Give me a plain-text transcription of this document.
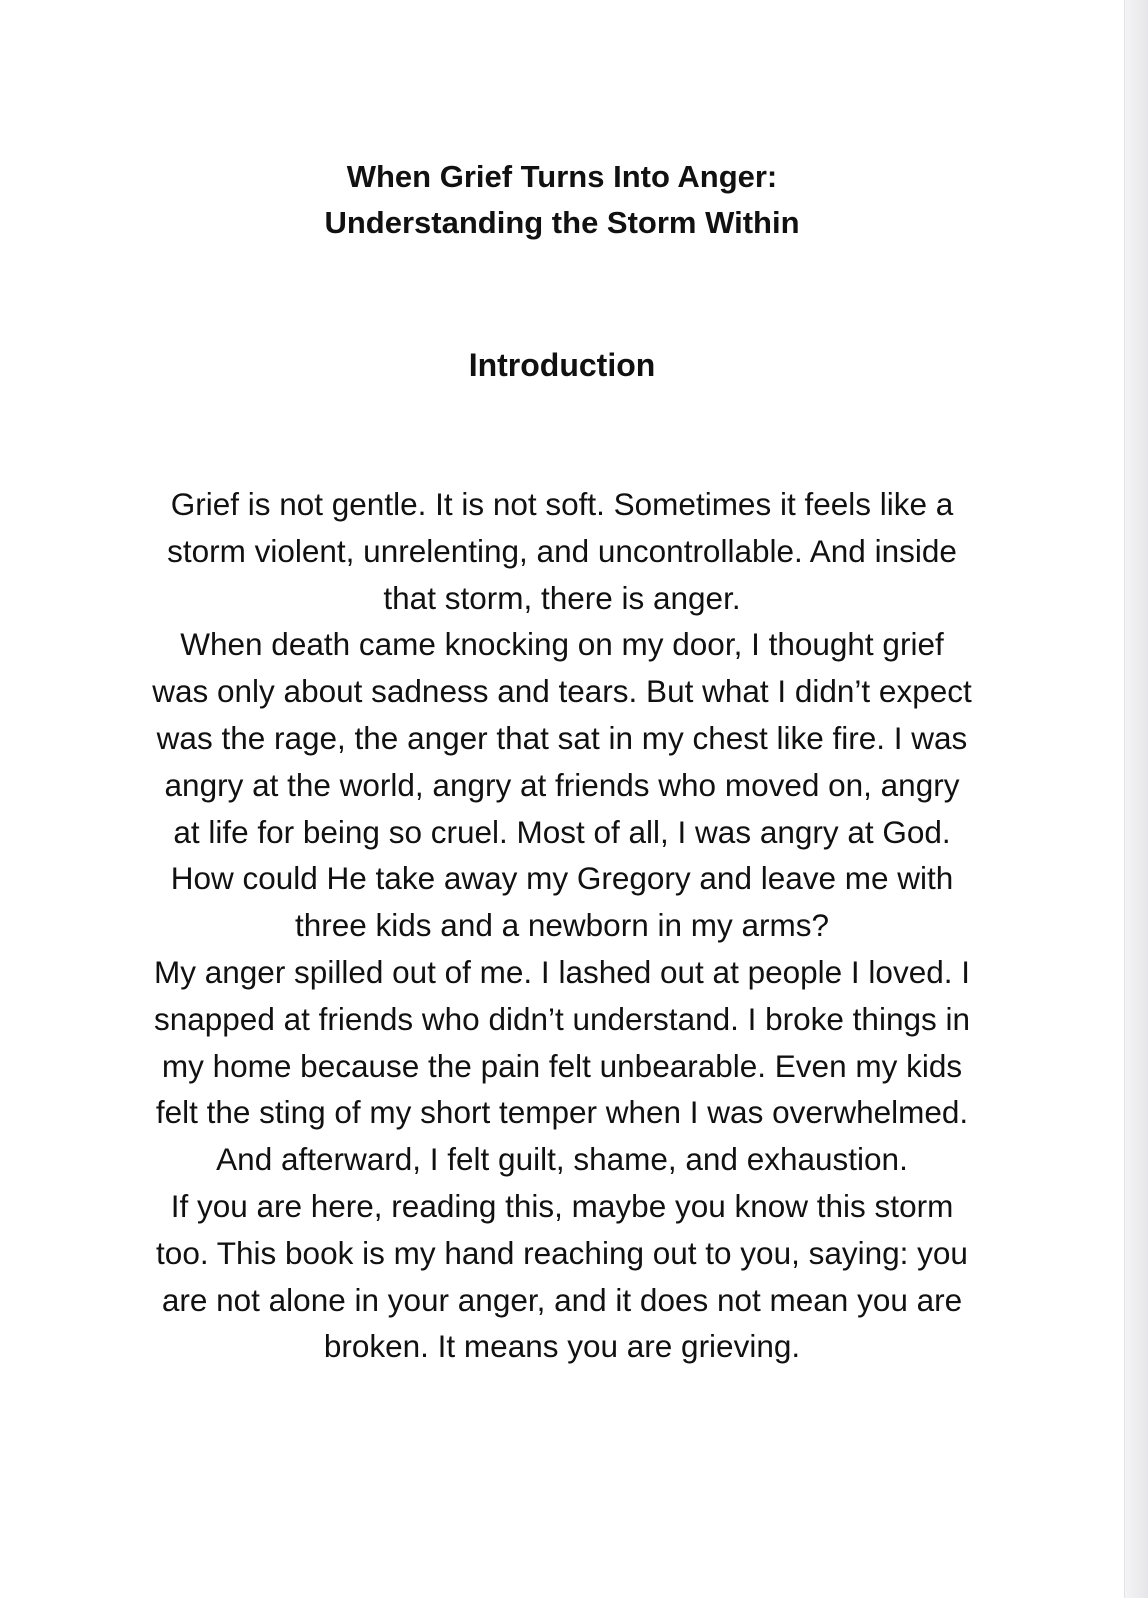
When Grief Turns Into Anger:
Understanding the Storm Within
Introduction

Grief is not gentle. It is not soft. Sometimes it feels like a
storm violent, unrelenting, and uncontrollable. And inside
that storm, there is anger.
When death came knocking on my door, I thought grief
was only about sadness and tears. But what I didn’t expect
was the rage, the anger that sat in my chest like fire. I was
angry at the world, angry at friends who moved on, angry
at life for being so cruel. Most of all, I was angry at God.
How could He take away my Gregory and leave me with
three kids and a newborn in my arms?
My anger spilled out of me. I lashed out at people I loved. I
snapped at friends who didn’t understand. I broke things in
my home because the pain felt unbearable. Even my kids
felt the sting of my short temper when I was overwhelmed.
And afterward, I felt guilt, shame, and exhaustion.
If you are here, reading this, maybe you know this storm
too. This book is my hand reaching out to you, saying: you
are not alone in your anger, and it does not mean you are
broken. It means you are grieving.
